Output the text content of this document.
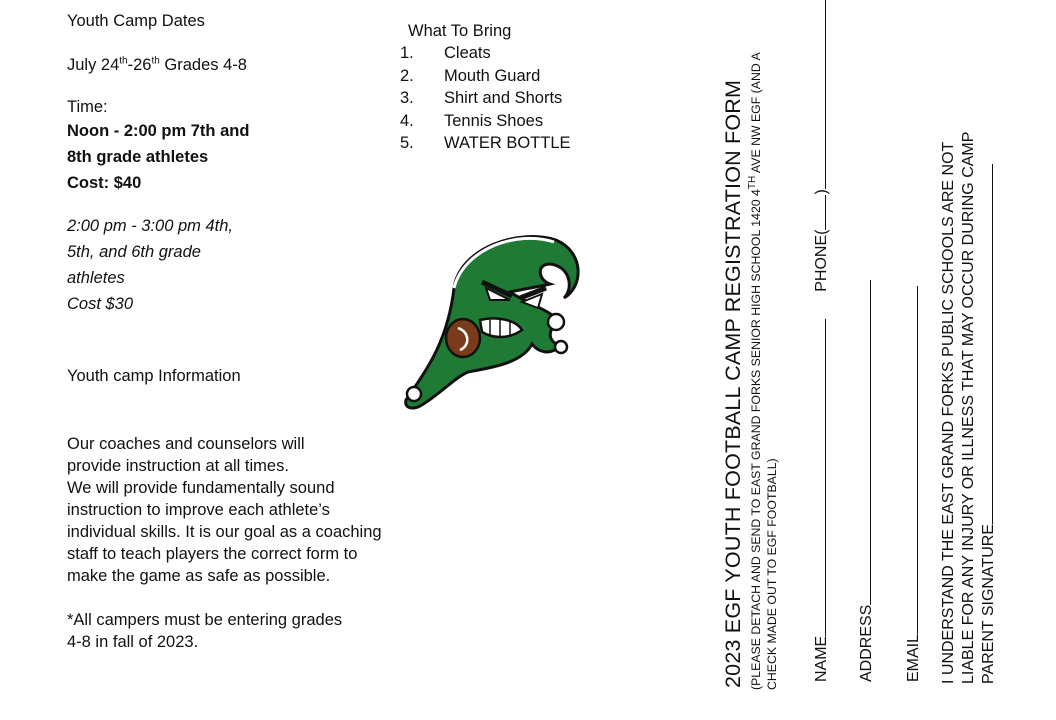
Youth Camp Dates

July 24th-26th Grades 4-8

Time:

Noon - 2:00 pm 7th and

8th grade athletes

Cost: $40

2:00 pm - 3:00 pm 4th,

5th, and 6th grade

athletes

Cost $30

Youth camp Information

Our coaches and counselors will

provide instruction at all times.

We will provide fundamentally sound

instruction to improve each athlete’s

individual skills. It is our goal as a coaching

staff to teach players the correct form to

make the game as safe as possible.

*All campers must be entering grades

4-8 in fall of 2023.

What To Bring
1.	Cleats
2.	Mouth Guard
3.	Shirt and Shorts
4.	Tennis Shoes
5.	WATER BOTTLE	2023 EGF YOUTH FOOTBALL CAMP REGISTRATION FORM (PLEASE DETACH AND SEND TO EAST GRAND FORKS SENIOR HIGH SCHOOL 1420 4TH AVE NW EGF (AND A
CHECK MADE OUT TO EGF FOOTBALL) NAMEPHONE()
ADDRESS EMAIL I UNDERSTAND THE EAST GRAND FORKS PUBLIC SCHOOLS ARE NOT LIABLE FOR ANY INJURY OR ILLNESS THAT MAY OCCUR DURING CAMP PARENT SIGNATURE
